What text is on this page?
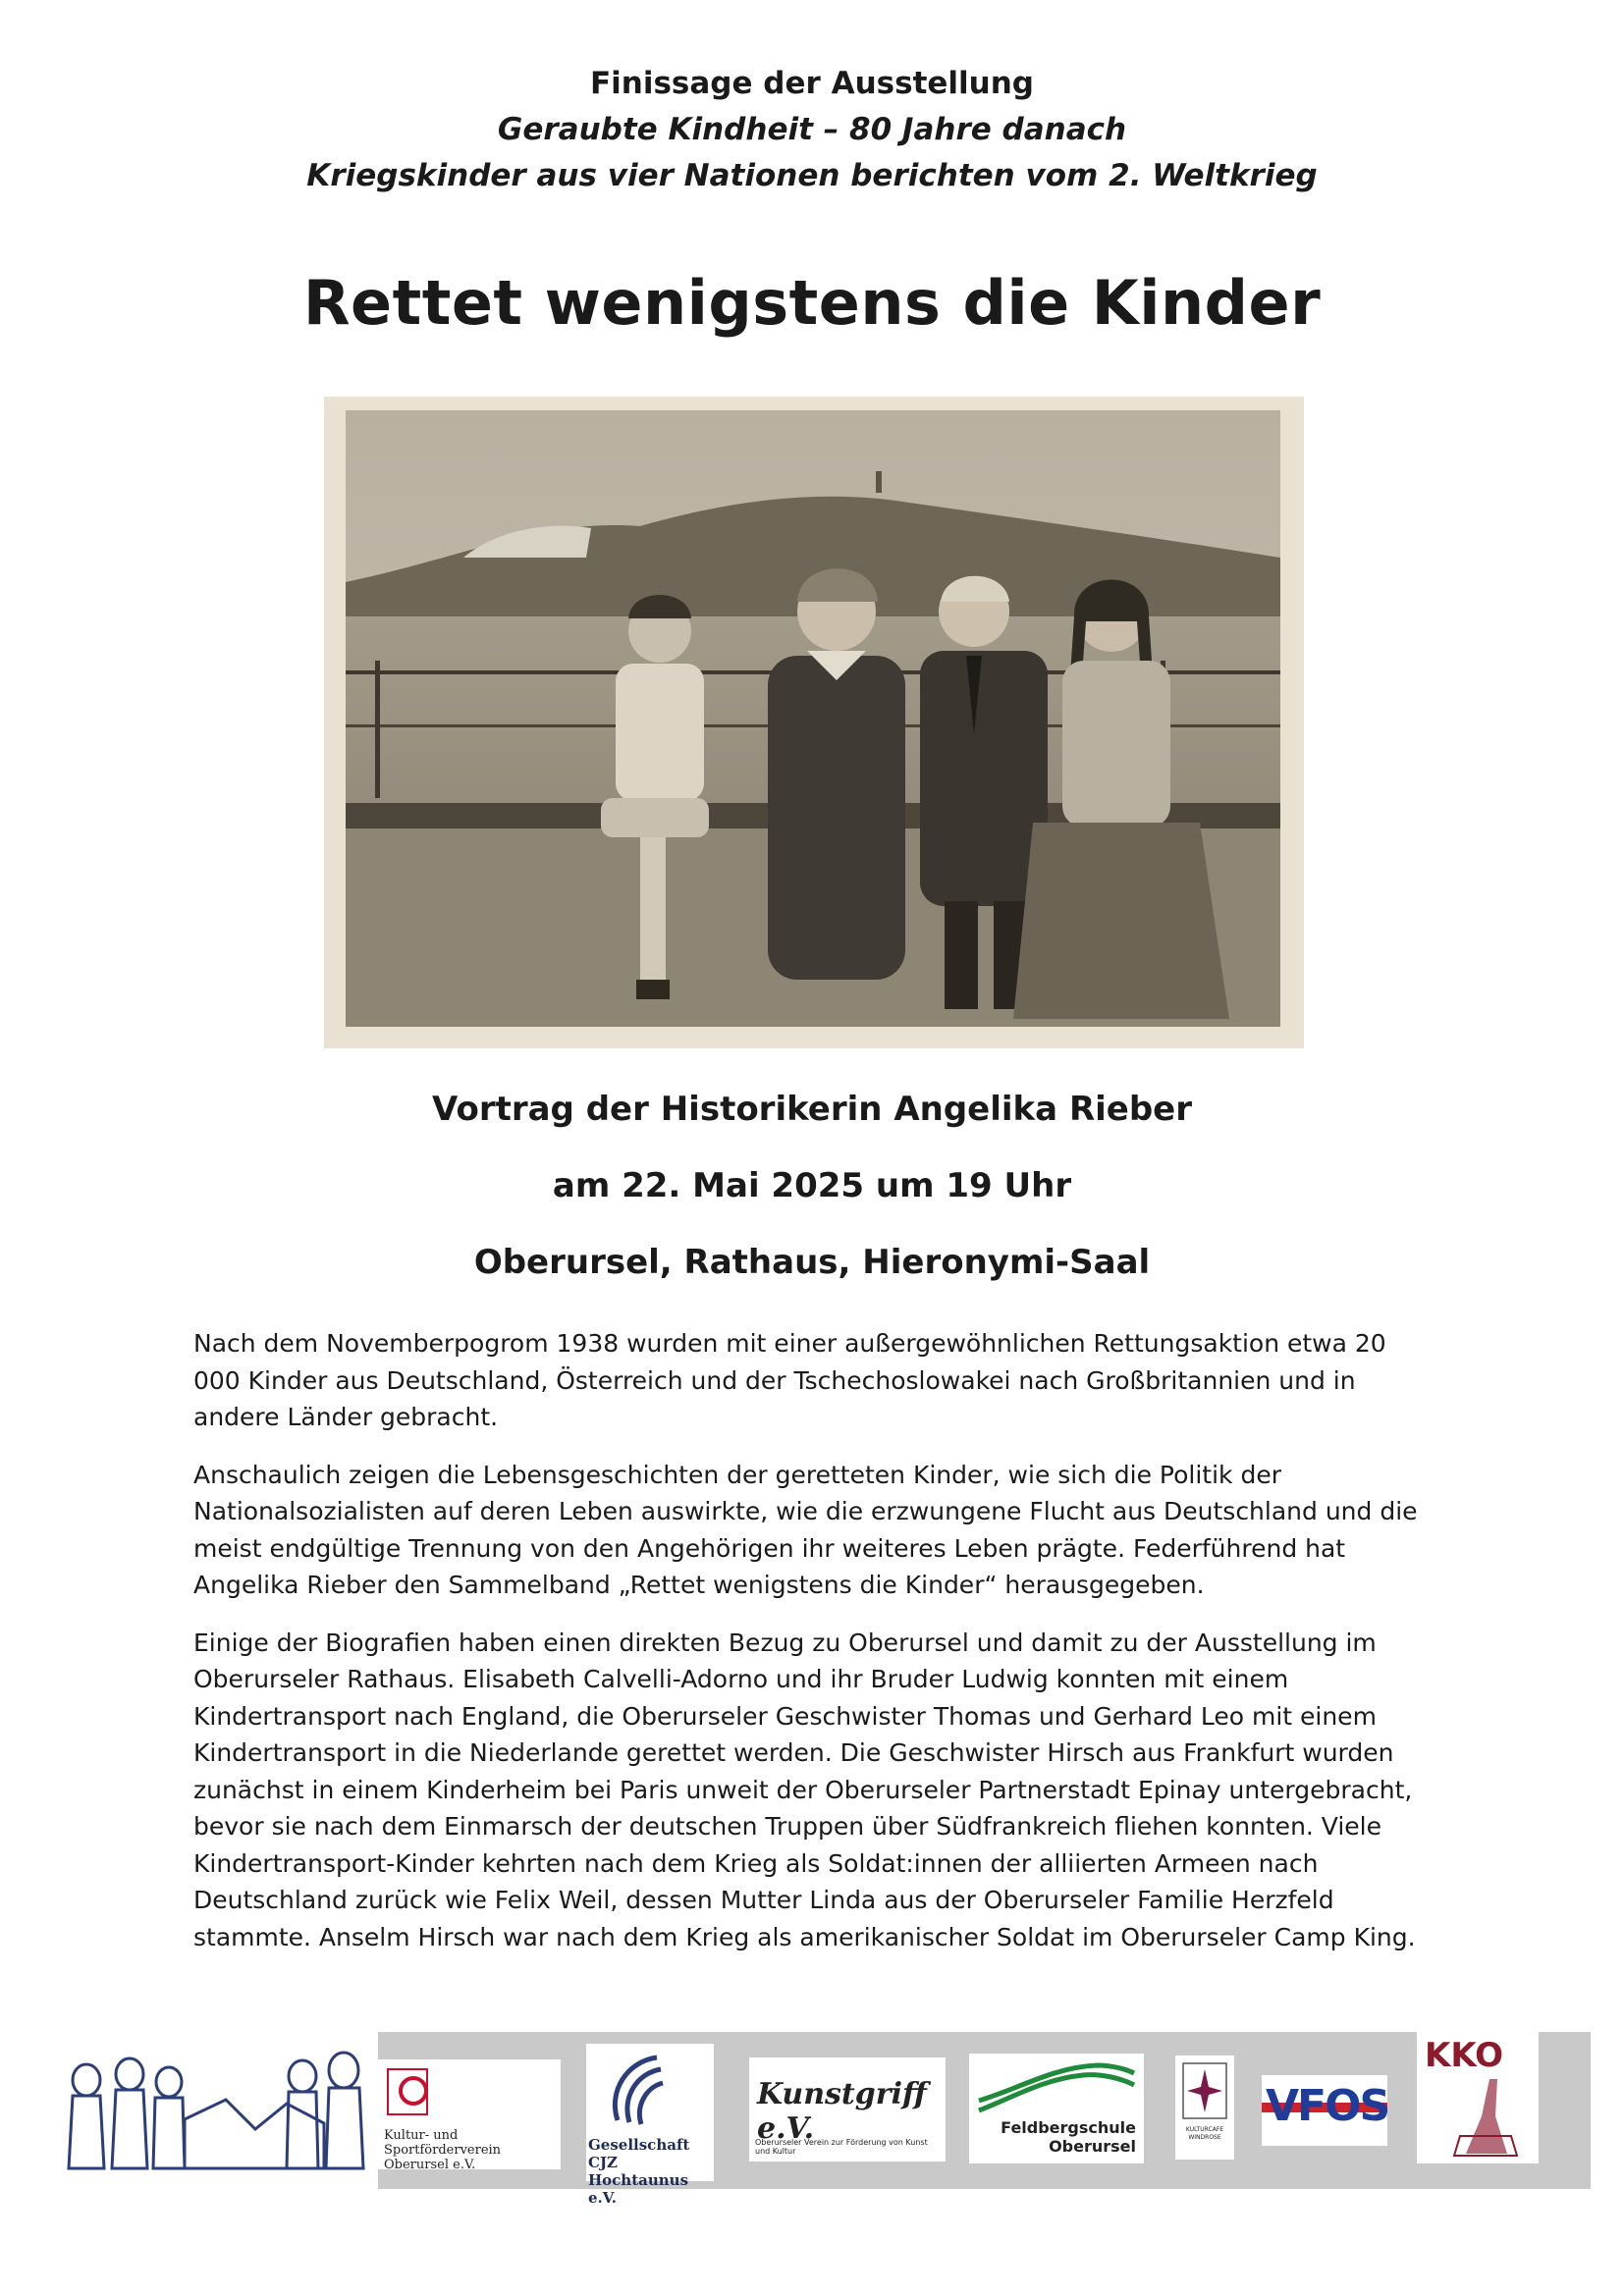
Finissage der Ausstellung
Geraubte Kindheit – 80 Jahre danach
Kriegskinder aus vier Nationen berichten vom 2. Weltkrieg
Rettet wenigstens die Kinder
Vortrag der Historikerin Angelika Rieber
am 22. Mai 2025 um 19 Uhr
Oberursel, Rathaus, Hieronymi-Saal

Nach dem Novemberpogrom 1938 wurden mit einer außergewöhnlichen Rettungsaktion etwa 20 000 Kinder aus Deutschland, Österreich und der Tschechoslowakei nach Großbritannien und in andere Länder gebracht.

Anschaulich zeigen die Lebensgeschichten der geretteten Kinder, wie sich die Politik der Nationalsozialisten auf deren Leben auswirkte, wie die erzwungene Flucht aus Deutschland und die meist endgültige Trennung von den Angehörigen ihr weiteres Leben prägte. Federführend hat Angelika Rieber den Sammelband „Rettet wenigstens die Kinder“ herausgegeben.

Einige der Biografien haben einen direkten Bezug zu Oberursel und damit zu der Ausstellung im Oberurseler Rathaus. Elisabeth Calvelli-Adorno und ihr Bruder Ludwig konnten mit einem Kindertransport nach England, die Oberurseler Geschwister Thomas und Gerhard Leo mit einem Kindertransport in die Niederlande gerettet werden. Die Geschwister Hirsch aus Frankfurt wurden zunächst in einem Kinderheim bei Paris unweit der Oberurseler Partnerstadt Epinay untergebracht, bevor sie nach dem Einmarsch der deutschen Truppen über Südfrankreich fliehen konnten. Viele Kindertransport-Kinder kehrten nach dem Krieg als Soldat:innen der alliierten Armeen nach Deutschland zurück wie Felix Weil, dessen Mutter Linda aus der Oberurseler Familie Herzfeld stammte. Anselm Hirsch war nach dem Krieg als amerikanischer Soldat im Oberurseler Camp King.

Kultur- und
Sportförderverein Oberursel e.V.
Gesellschaft CJZ
Hochtaunus e.V.
Kunstgriff e.V.
Oberurseler Verein zur Förderung von Kunst und Kultur
Feldbergschule
Oberursel
KULTURCAFE
WINDROSE
VFOS
KKO
